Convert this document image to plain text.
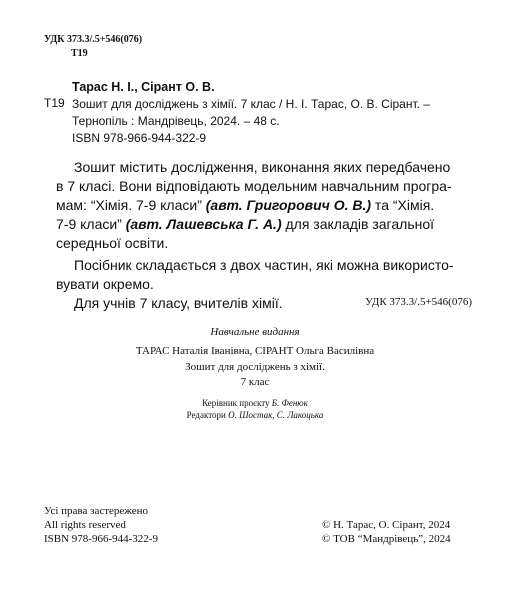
УДК 373.3/.5+546(076)
Т19
Тарас Н. І., Сірант О. В.
Т19 Зошит для досліджень з хімії. 7 клас / Н. І. Тарас, О. В. Сірант. –
Тернопіль : Мандрівець, 2024. – 48 с.
ISBN 978-966-944-322-9
Зошит містить дослідження, виконання яких передбачено
в 7 класі. Вони відповідають модельним навчальним програ-
мам: “Хімія. 7-9 класи” (авт. Григорович О. В.) та “Хімія.
7-9 класи” (авт. Лашевська Г. А.) для закладів загальної
середньої освіти.
Посібник складається з двох частин, які можна використо-
вувати окремо.
Для учнів 7 класу, вчителів хімії.	УДК 373.3/.5+546(076)
Навчальне видання
ТАРАС Наталія Іванівна, СІРАНТ Ольга Василівна
Зошит для досліджень з хімії.
7 клас
Керівник проєкту Б. Фенюк
Редактори О. Шостак, С. Лакоцька
Усі права застережено
All rights reserved
ISBN 978-966-944-322-9
© Н. Тарас, О. Сірант, 2024
© ТОВ “Мандрівець”, 2024
